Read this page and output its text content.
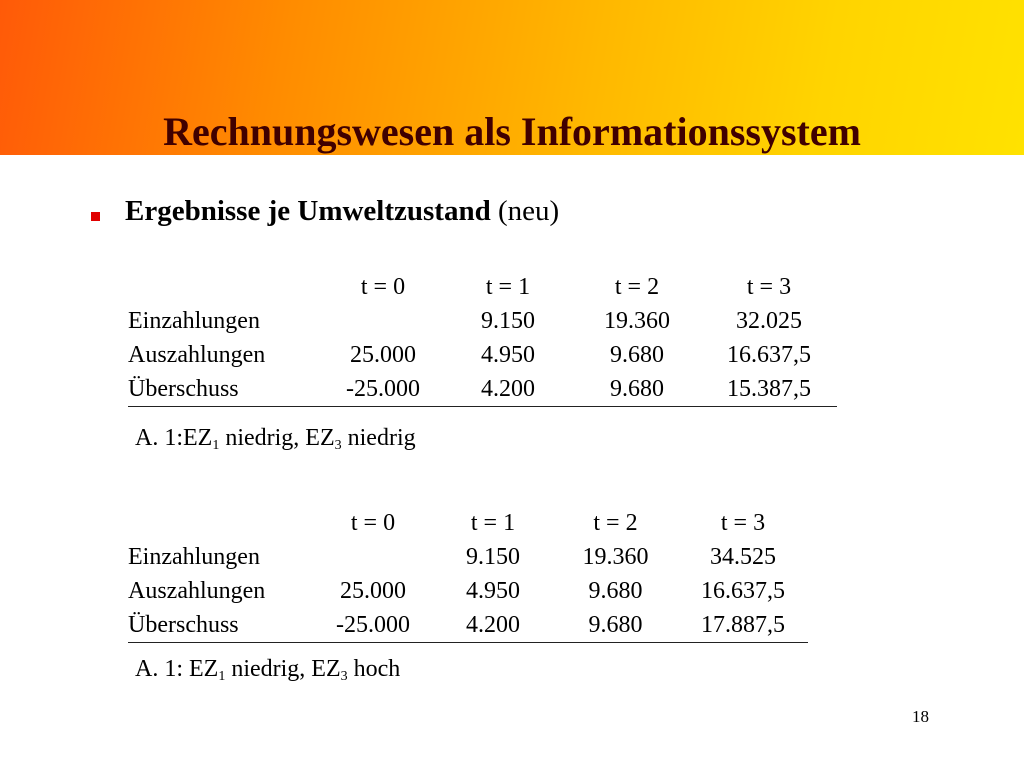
Rechnungswesen als Informationssystem
Ergebnisse je Umweltzustand (neu)
	t = 0	t = 1	t = 2	t = 3
Einzahlungen		9.150	19.360	32.025
Auszahlungen	25.000	4.950	9.680	16.637,5
Überschuss	-25.000	4.200	9.680	15.387,5
A. $1:EZ_1$ niedrig, $EZ_3$ niedrig
	t = 0	t = 1	t = 2	t = 3
Einzahlungen		9.150	19.360	34.525
Auszahlungen	25.000	4.950	9.680	16.637,5
Überschuss	-25.000	4.200	9.680	17.887,5
A. 1: $EZ_1$ niedrig, $EZ_3$ hoch
18
